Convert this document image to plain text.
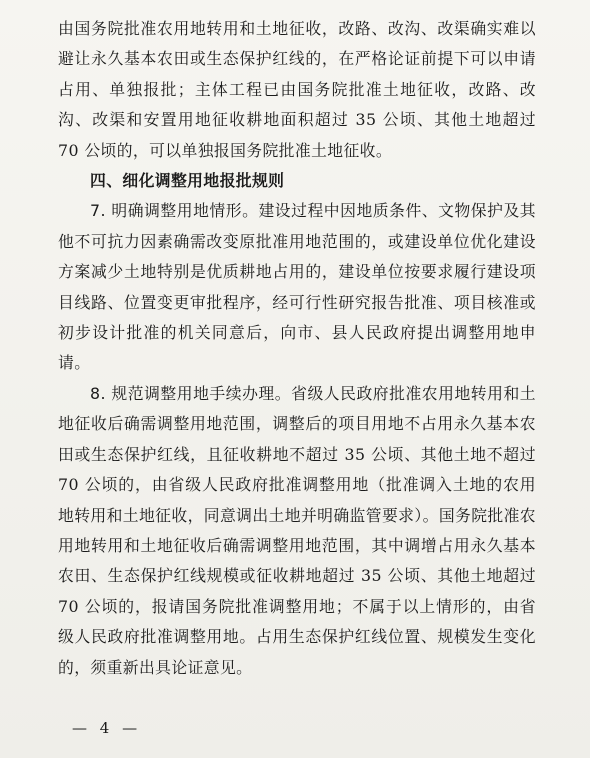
由国务院批准农用地转用和土地征收，改路、改沟、改渠确实难以避让永久基本农田或生态保护红线的，在严格论证前提下可以申请占用、单独报批；主体工程已由国务院批准土地征收，改路、改沟、改渠和安置用地征收耕地面积超过 35 公顷、其他土地超过 70 公顷的，可以单独报国务院批准土地征收。

四、细化调整用地报批规则

7. 明确调整用地情形。建设过程中因地质条件、文物保护及其他不可抗力因素确需改变原批准用地范围的，或建设单位优化建设方案减少土地特别是优质耕地占用的，建设单位按要求履行建设项目线路、位置变更审批程序，经可行性研究报告批准、项目核准或初步设计批准的机关同意后，向市、县人民政府提出调整用地申请。

8. 规范调整用地手续办理。省级人民政府批准农用地转用和土地征收后确需调整用地范围，调整后的项目用地不占用永久基本农田或生态保护红线，且征收耕地不超过 35 公顷、其他土地不超过 70 公顷的，由省级人民政府批准调整用地（批准调入土地的农用地转用和土地征收，同意调出土地并明确监管要求）。国务院批准农用地转用和土地征收后确需调整用地范围，其中调增占用永久基本农田、生态保护红线规模或征收耕地超过 35 公顷、其他土地超过 70 公顷的，报请国务院批准调整用地；不属于以上情形的，由省级人民政府批准调整用地。占用生态保护红线位置、规模发生变化的，须重新出具论证意见。

— 4 —
